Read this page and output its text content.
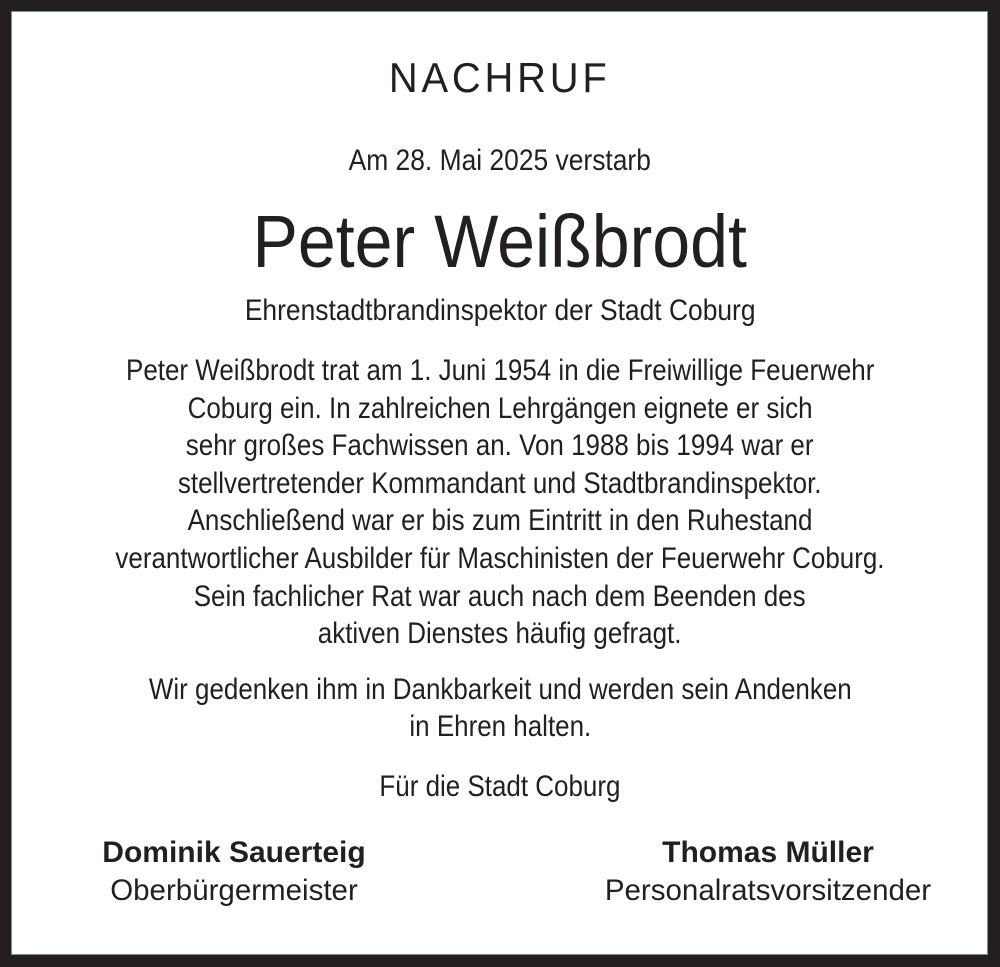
NACHRUF
Am 28. Mai 2025 verstarb
Peter Weißbrodt
Ehrenstadtbrandinspektor der Stadt Coburg
Peter Weißbrodt trat am 1. Juni 1954 in die Freiwillige Feuerwehr
Coburg ein. In zahlreichen Lehrgängen eignete er sich
sehr großes Fachwissen an. Von 1988 bis 1994 war er
stellvertretender Kommandant und Stadtbrandinspektor.
Anschließend war er bis zum Eintritt in den Ruhestand
verantwortlicher Ausbilder für Maschinisten der Feuerwehr Coburg.
Sein fachlicher Rat war auch nach dem Beenden des
aktiven Dienstes häufig gefragt.
Wir gedenken ihm in Dankbarkeit und werden sein Andenken
in Ehren halten.
Für die Stadt Coburg
Dominik Sauerteig
Oberbürgermeister
Thomas Müller
Personalratsvorsitzender
